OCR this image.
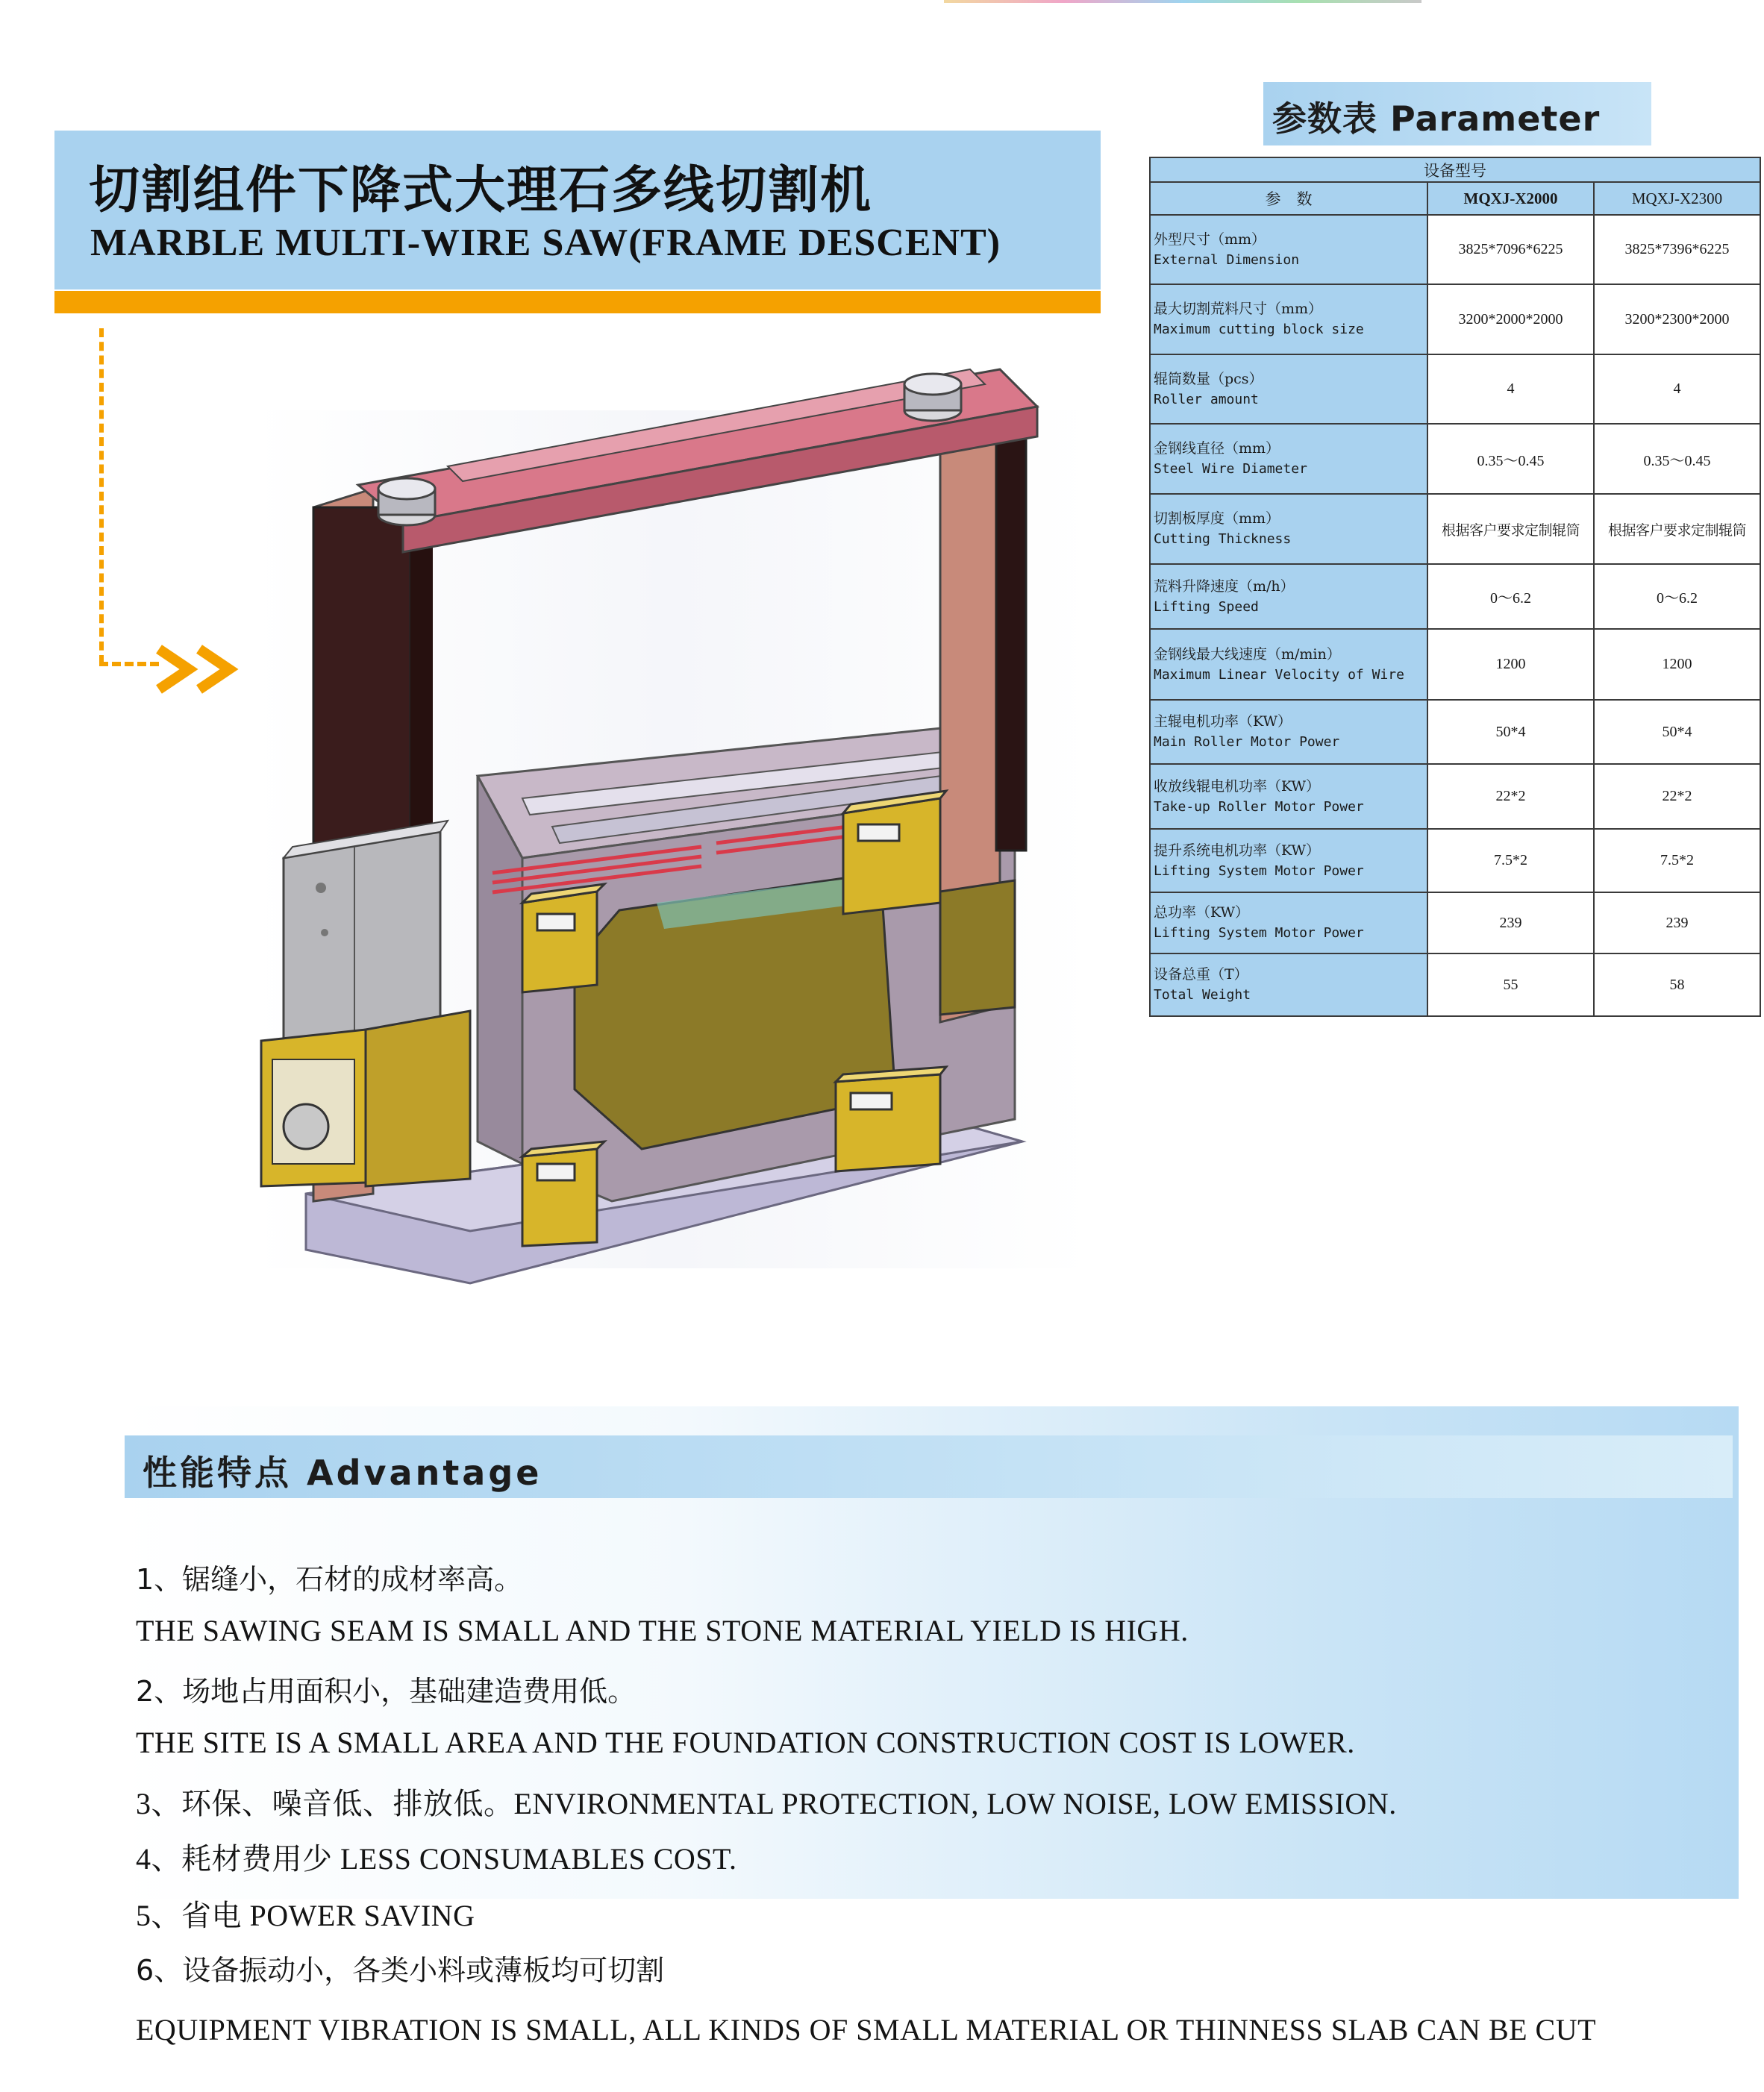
切割组件下降式大理石多线切割机
MARBLE MULTI-WIRE SAW(FRAME DESCENT)
参数表 Parameter
设备型号		
参　数	MQXJ-X2000	MQXJ-X2300

外型尺寸（mm）
External Dimension	3825*7096*6225	3825*7396*6225

最大切割荒料尺寸（mm）
Maximum cutting block size	3200*2000*2000	3200*2300*2000

辊筒数量（pcs）
Roller amount	4	4

金钢线直径（mm）
Steel Wire Diameter	0.35～0.45	0.35～0.45

切割板厚度（mm）
Cutting Thickness	根据客户要求定制辊筒	根据客户要求定制辊筒

荒料升降速度（m/h）
Lifting Speed	0～6.2	0～6.2

金钢线最大线速度（m/min）
Maximum Linear Velocity of Wire	1200	1200

主辊电机功率（KW）
Main Roller Motor Power	50*4	50*4

收放线辊电机功率（KW）
Take-up Roller Motor Power	22*2	22*2

提升系统电机功率（KW）
Lifting System Motor Power	7.5*2	7.5*2

总功率（KW）
Lifting System Motor Power	239	239

设备总重（T）
Total Weight	55	58
性能特点 Advantage
1、锯缝小，石材的成材率高。
THE SAWING SEAM IS SMALL AND THE STONE MATERIAL YIELD IS HIGH.
2、场地占用面积小，基础建造费用低。
THE SITE IS A SMALL AREA AND THE FOUNDATION CONSTRUCTION COST IS LOWER.
3、环保、噪音低、排放低。ENVIRONMENTAL PROTECTION, LOW NOISE, LOW EMISSION.
4、耗材费用少 LESS CONSUMABLES COST.
5、省电 POWER SAVING
6、设备振动小，各类小料或薄板均可切割
EQUIPMENT VIBRATION IS SMALL, ALL KINDS OF SMALL MATERIAL OR THINNESS SLAB CAN BE CUT
